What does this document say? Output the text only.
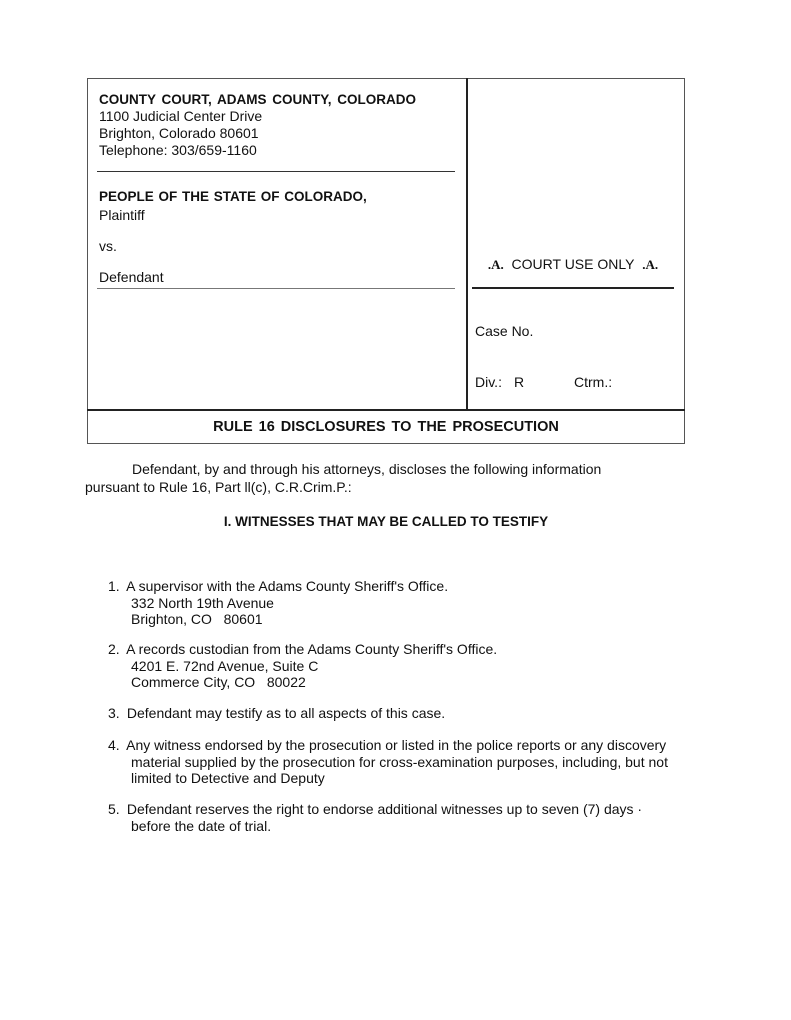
COUNTY COURT, ADAMS COUNTY, COLORADO
1100 Judicial Center Drive
Brighton, Colorado 80601
Telephone: 303/659-1160
PEOPLE OF THE STATE OF COLORADO,
Plaintiff
vs.
Defendant
.A. COURT USE ONLY .A.
Case No.
Div.: R	Ctrm.:
RULE 16 DISCLOSURES TO THE PROSECUTION
Defendant, by and through his attorneys, discloses the following information
pursuant to Rule 16, Part ll(c), C.R.Crim.P.:
I. WITNESSES THAT MAY BE CALLED TO TESTIFY
1. A supervisor with the Adams County Sheriff's Office.
332 North 19th Avenue
Brighton, CO   80601
2. A records custodian from the Adams County Sheriff's Office.
4201 E. 72nd Avenue, Suite C
Commerce City, CO   80022
3. Defendant may testify as to all aspects of this case.
4. Any witness endorsed by the prosecution or listed in the police reports or any discovery
material supplied by the prosecution for cross-examination purposes, including, but not
limited to Detective and Deputy
5. Defendant reserves the right to endorse additional witnesses up to seven (7) days ·
before the date of trial.
